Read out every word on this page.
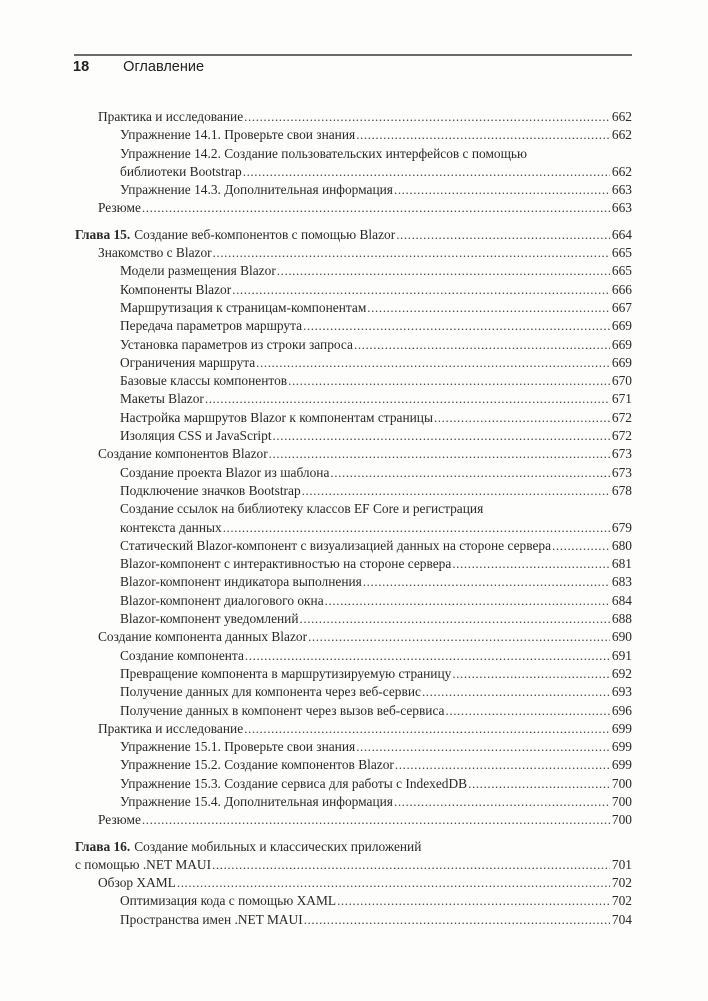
18 Оглавление
Практика и исследование .....	662
Упражнение 14.1. Проверьте свои знания .....	662
Упражнение 14.2. Создание пользовательских интерфейсов с помощью
библиотеки Bootstrap .....	662
Упражнение 14.3. Дополнительная информация .....	663
Резюме .....	663
Глава 15. Создание веб-компонентов с помощью Blazor .....	664
Знакомство с Blazor .....	665
Модели размещения Blazor .....	665
Компоненты Blazor .....	666
Маршрутизация к страницам-компонентам .....	667
Передача параметров маршрута .....	669
Установка параметров из строки запроса .....	669
Ограничения маршрута .....	669
Базовые классы компонентов .....	670
Макеты Blazor .....	671
Настройка маршрутов Blazor к компонентам страницы .....	672
Изоляция CSS и JavaScript .....	672
Создание компонентов Blazor .....	673
Создание проекта Blazor из шаблона .....	673
Подключение значков Bootstrap .....	678
Создание ссылок на библиотеку классов EF Core и регистрация
контекста данных .....	679
Статический Blazor-компонент с визуализацией данных на стороне сервера .....	680
Blazor-компонент с интерактивностью на стороне сервера .....	681
Blazor-компонент индикатора выполнения .....	683
Blazor-компонент диалогового окна .....	684
Blazor-компонент уведомлений .....	688
Создание компонента данных Blazor .....	690
Создание компонента .....	691
Превращение компонента в маршрутизируемую страницу .....	692
Получение данных для компонента через веб-сервис .....	693
Получение данных в компонент через вызов веб-сервиса .....	696
Практика и исследование .....	699
Упражнение 15.1. Проверьте свои знания .....	699
Упражнение 15.2. Создание компонентов Blazor .....	699
Упражнение 15.3. Создание сервиса для работы с IndexedDB .....	700
Упражнение 15.4. Дополнительная информация .....	700
Резюме .....	700
Глава 16. Создание мобильных и классических приложений
с помощью .NET MAUI .....	701
Обзор XAML .....	702
Оптимизация кода с помощью XAML .....	702
Пространства имен .NET MAUI .....	704
